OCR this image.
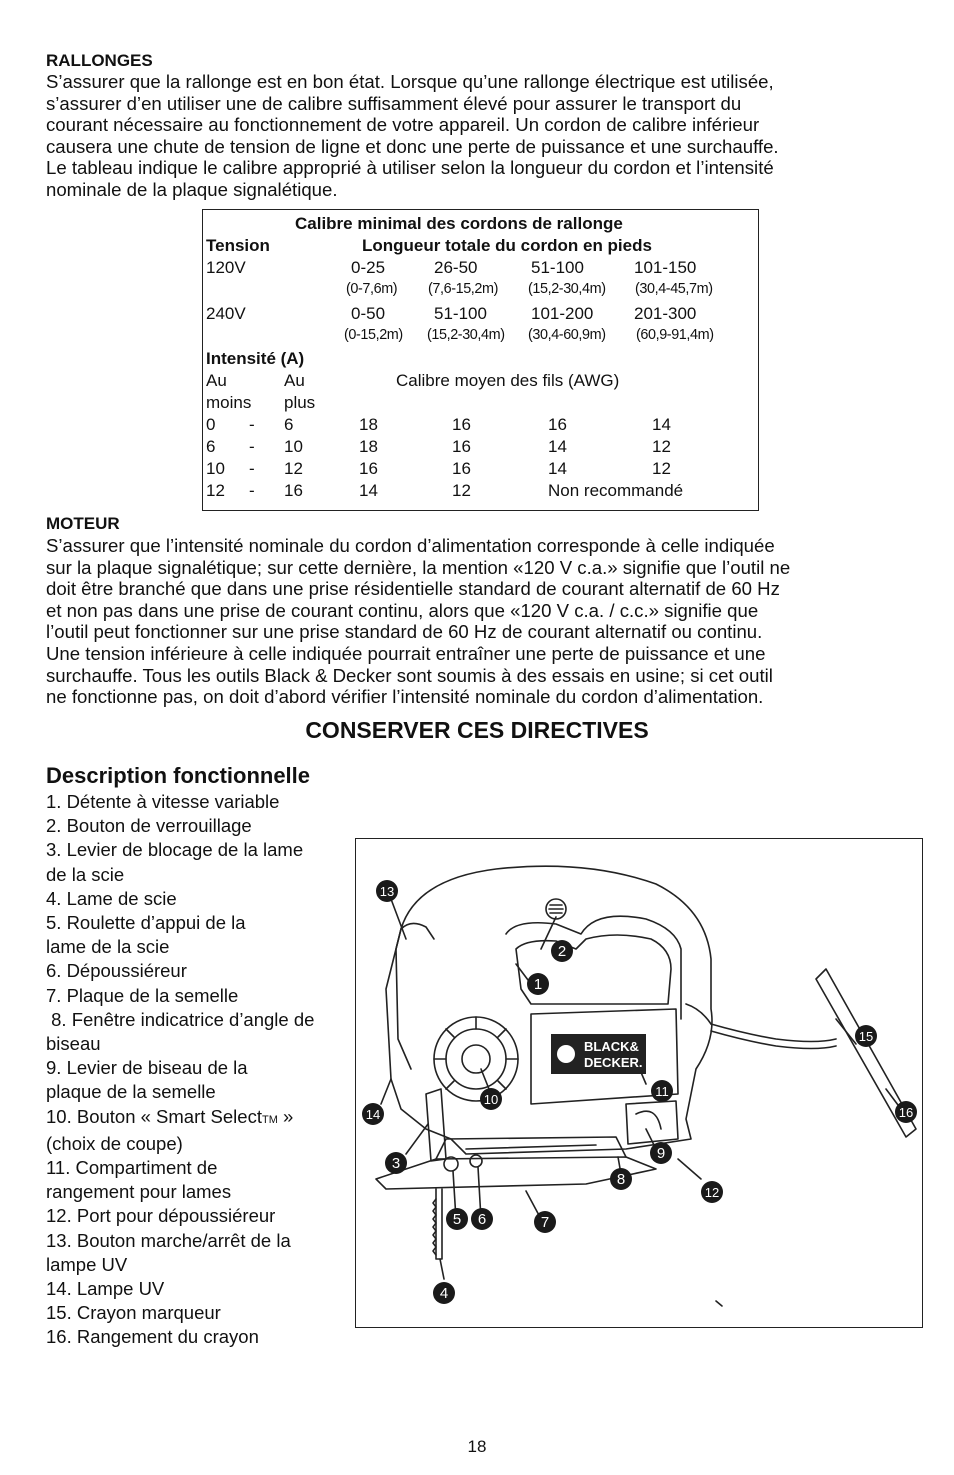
RALLONGES
S’assurer que la rallonge est en bon état. Lorsque qu’une rallonge électrique est utilisée,
s’assurer d’en utiliser une de calibre suffisamment élevé pour assurer le transport du
courant nécessaire au fonctionnement de votre appareil. Un cordon de calibre inférieur
causera une chute de tension de ligne et donc une perte de puissance et une surchauffe.
Le tableau indique le calibre approprié à utiliser selon la longueur du cordon et l’intensité
nominale de la plaque signalétique.
Calibre minimal des cordons de rallonge
Tension	Longueur totale du cordon en pieds
120V	0-25	26-50	51-100	101-150
(0-7,6m) (7,6-15,2m) (15,2-30,4m) (30,4-45,7m)
240V	0-50	51-100	101-200 201-300
(0-15,2m) (15,2-30,4m) (30,4-60,9m) (60,9-91,4m)
Intensité (A)
Au	Au	Calibre moyen des fils (AWG)
moins plus
0 - 6	18	16	16	14
6 - 10	18	16	14	12
10 - 12	16	16	14	12
12 - 16	14	12	Non recommandé
MOTEUR
S’assurer que l’intensité nominale du cordon d’alimentation corresponde à celle indiquée
sur la plaque signalétique; sur cette dernière, la mention «120 V c.a.» signifie que l’outil ne
doit être branché que dans une prise résidentielle standard de courant alternatif de 60 Hz
et non pas dans une prise de courant continu, alors que «120 V c.a. / c.c.» signifie que
l’outil peut fonctionner sur une prise standard de 60 Hz de courant alternatif ou continu.
Une tension inférieure à celle indiquée pourrait entraîner une perte de puissance et une
surchauffe. Tous les outils Black & Decker sont soumis à des essais en usine; si cet outil
ne fonctionne pas, on doit d’abord vérifier l’intensité nominale du cordon d’alimentation.
CONSERVER CES DIRECTIVES
Description fonctionnelle
1. Détente à vitesse variable
2. Bouton de verrouillage
3. Levier de blocage de la lame
de la scie
4. Lame de scie
5. Roulette d’appui de la
lame de la scie
6. Dépoussiéreur
7. Plaque de la semelle
8. Fenêtre indicatrice d’angle de
biseau
9. Levier de biseau de la
plaque de la semelle
10. Bouton « Smart SelectTM »
(choix de coupe)
11. Compartiment de
rangement pour lames
12. Port pour dépoussiéreur
13. Bouton marche/arrêt de la
lampe UV
14. Lampe UV
15. Crayon marqueur
16. Rangement du crayon
BLACK&
DECKER.
1
2
3
4
5 6	7
8
9
10
11
12
13
14
15
16
18
